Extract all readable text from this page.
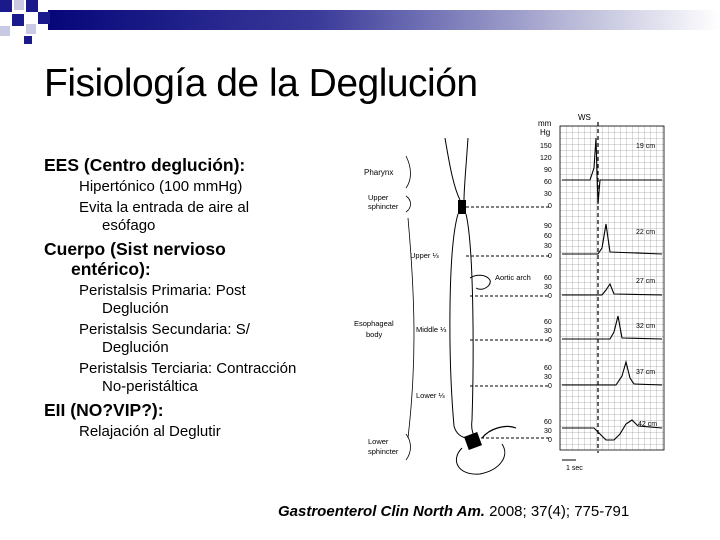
Fisiología de la Deglución
EES (Centro deglución):
Hipertónico (100 mmHg)
Evita la entrada de aire al
esófago
Cuerpo (Sist nervioso
entérico):
Peristalsis Primaria: Post
Deglución
Peristalsis Secundaria: S/
Deglución
Peristalsis Terciaria: Contracción
No-peristáltica
EII (NO?VIP?):
Relajación al Deglutir
Pharynx
Upper
sphincter
Upper ⅓
Aortic arch
Esophageal
body
Middle ⅓
Lower ⅓
Lower
sphincter
mm
Hg
WS
1 sec
150
120
90
60
30
0
19 cm
90
60
30
0
22 cm
60
30
0
27 cm
60
30
0
32 cm
60
30
0
37 cm
60
30
0
42 cm
Gastroenterol Clin North Am. 2008; 37(4); 775-791
